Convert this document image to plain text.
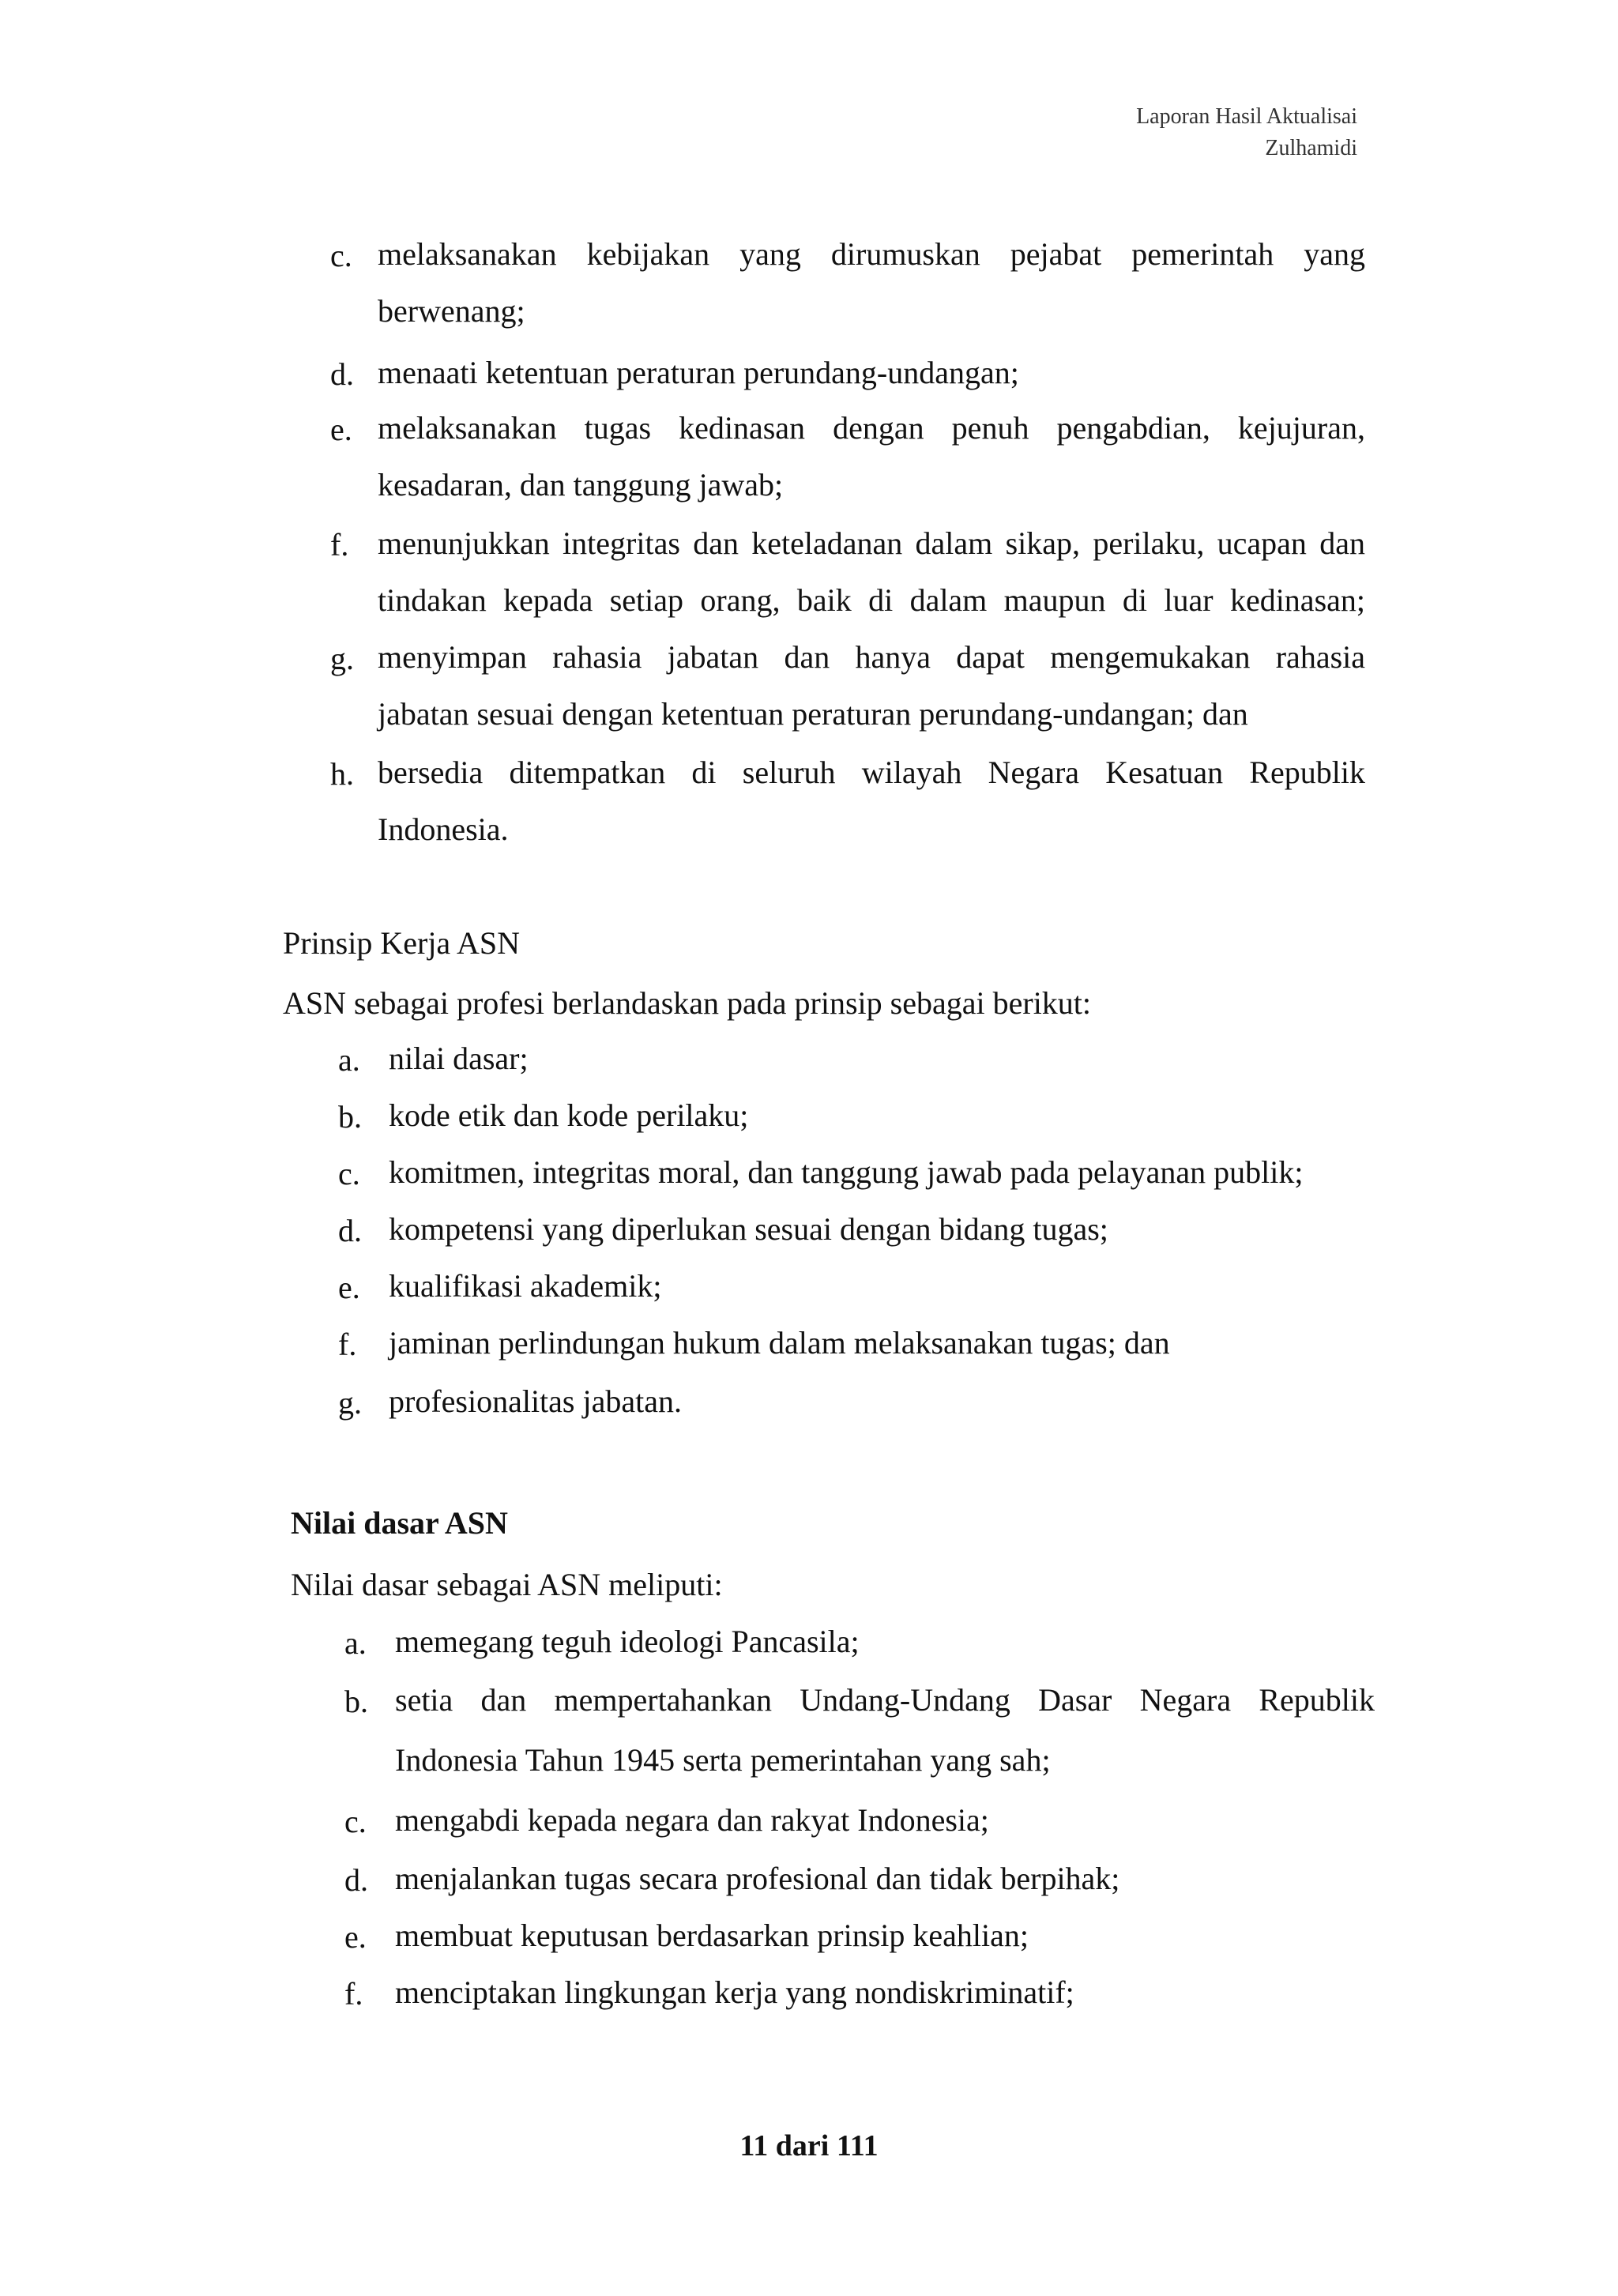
Laporan Hasil Aktualisai
Zulhamidi
c. melaksanakan kebijakan yang dirumuskan pejabat pemerintah yang
berwenang;
d. menaati ketentuan peraturan perundang-undangan;
e. melaksanakan tugas kedinasan dengan penuh pengabdian, kejujuran,
kesadaran, dan tanggung jawab;
f. menunjukkan integritas dan keteladanan dalam sikap, perilaku, ucapan dan
tindakan kepada setiap orang, baik di dalam maupun di luar kedinasan;
g. menyimpan rahasia jabatan dan hanya dapat mengemukakan rahasia
jabatan sesuai dengan ketentuan peraturan perundang-undangan; dan
h. bersedia ditempatkan di seluruh wilayah Negara Kesatuan Republik
Indonesia.
Prinsip Kerja ASN
ASN sebagai profesi berlandaskan pada prinsip sebagai berikut:
a. nilai dasar;
b. kode etik dan kode perilaku;
c. komitmen, integritas moral, dan tanggung jawab pada pelayanan publik;
d. kompetensi yang diperlukan sesuai dengan bidang tugas;
e. kualifikasi akademik;
f. jaminan perlindungan hukum dalam melaksanakan tugas; dan
g. profesionalitas jabatan.
Nilai dasar ASN
Nilai dasar sebagai ASN meliputi:
a. memegang teguh ideologi Pancasila;
b. setia dan mempertahankan Undang-Undang Dasar Negara Republik
Indonesia Tahun 1945 serta pemerintahan yang sah;
c. mengabdi kepada negara dan rakyat Indonesia;
d. menjalankan tugas secara profesional dan tidak berpihak;
e. membuat keputusan berdasarkan prinsip keahlian;
f. menciptakan lingkungan kerja yang nondiskriminatif;
11 dari 111
